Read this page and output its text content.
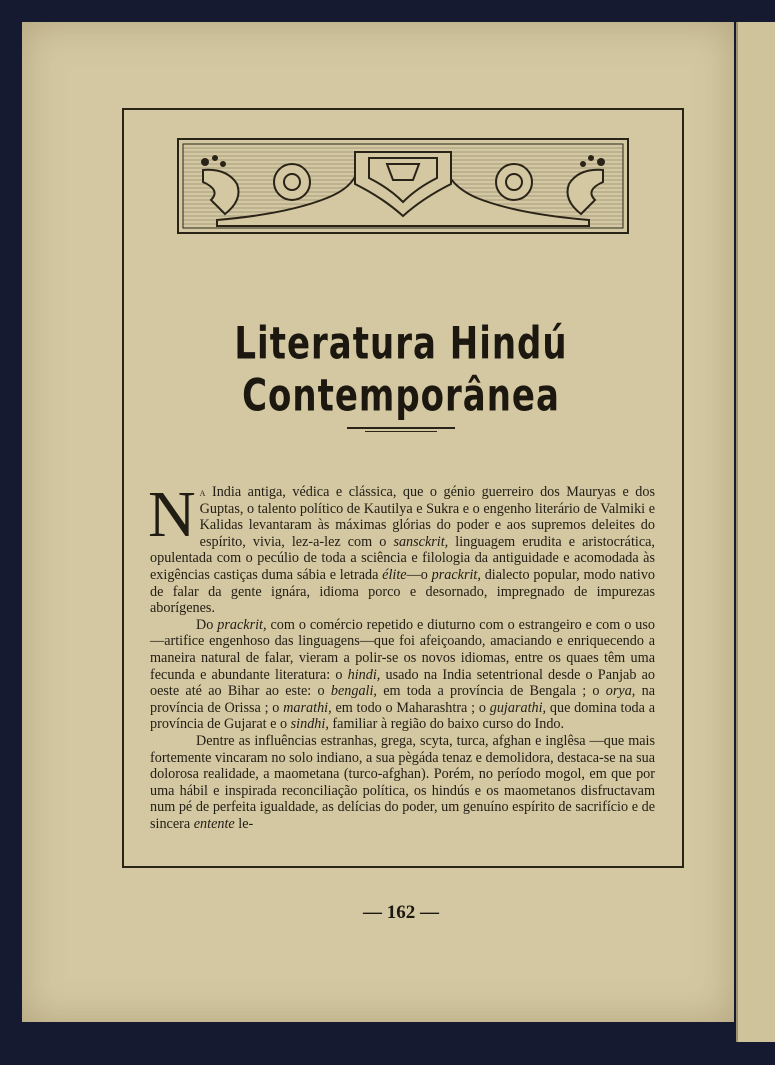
Literatura Hindú Contemporânea

Na India antiga, védica e clássica, que o génio guerreiro dos Mauryas e dos Guptas, o talento político de Kautilya e Sukra e o engenho literário de Valmiki e Kalidas levantaram às máximas glórias do poder e aos supremos deleites do espírito, vivia, lez-a-lez com o sansckrit, linguagem erudita e aristocrática, opulentada com o pecúlio de toda a sciência e filologia da antiguidade e acomodada às exigências castiças duma sábia e letrada élite—o prackrit, dialecto popular, modo nativo de falar da gente ignára, idioma porco e desornado, impregnado de impurezas aborígenes.

Do prackrit, com o comércio repetido e diuturno com o estrangeiro e com o uso—artifice engenhoso das linguagens—que foi afeiçoando, amaciando e enriquecendo a maneira natural de falar, vieram a polir-se os novos idiomas, entre os quaes têm uma fecunda e abundante literatura: o hindi, usado na India setentrional desde o Panjab ao oeste até ao Bihar ao este: o bengali, em toda a província de Bengala ; o orya, na província de Orissa ; o marathi, em todo o Maharashtra ; o gujarathi, que domina toda a província de Gujarat e o sindhi, familiar à região do baixo curso do Indo.

Dentre as influências estranhas, grega, scyta, turca, afghan e inglêsa —que mais fortemente vincaram no solo indiano, a sua pègáda tenaz e demolidora, destaca-se na sua dolorosa realidade, a maometana (turco-afghan). Porém, no período mogol, em que por uma hábil e inspirada reconciliação política, os hindús e os maometanos disfructavam num pé de perfeita igualdade, as delícias do poder, um genuíno espírito de sacrifício e de sincera entente le-

— 162 —
